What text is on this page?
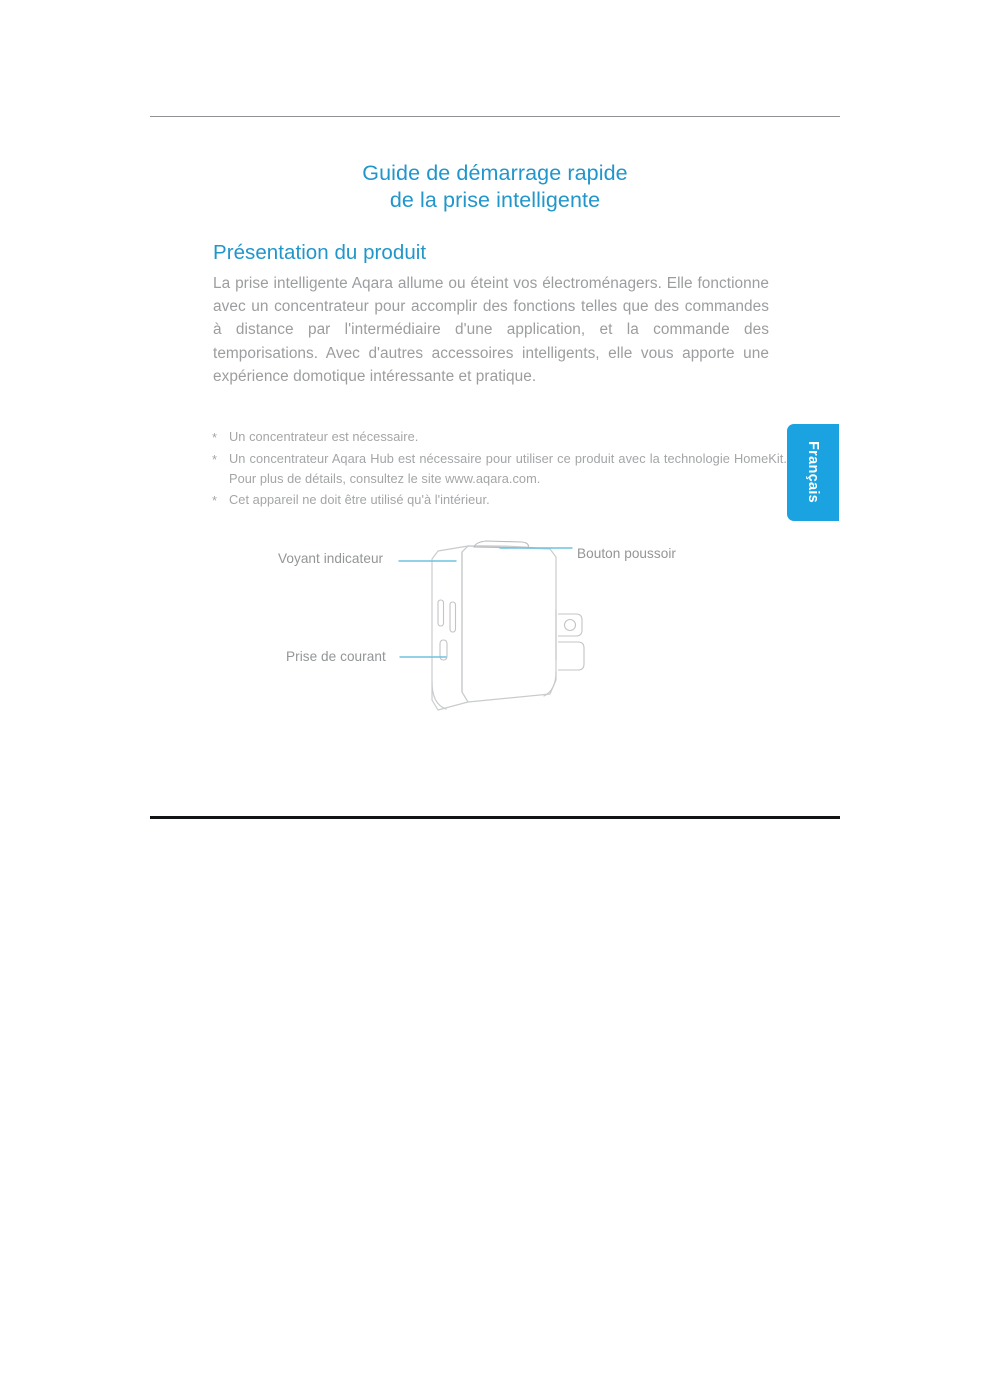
Guide de démarrage rapide
de la prise intelligente
Présentation du produit
La prise intelligente Aqara allume ou éteint vos électroménagers. Elle fonctionne avec un concentrateur pour accomplir des fonctions telles que des commandes à distance par l'intermédiaire d'une application, et la commande des temporisations. Avec d'autres accessoires intelligents, elle vous apporte une expérience domotique intéressante et pratique.
* Un concentrateur est nécessaire.
* Un concentrateur Aqara Hub est nécessaire pour utiliser ce produit avec la technologie HomeKit. Pour plus de détails, consultez le site www.aqara.com.
* Cet appareil ne doit être utilisé qu'à l'intérieur.	Français
Voyant indicateur
Prise de courant
Bouton poussoir
